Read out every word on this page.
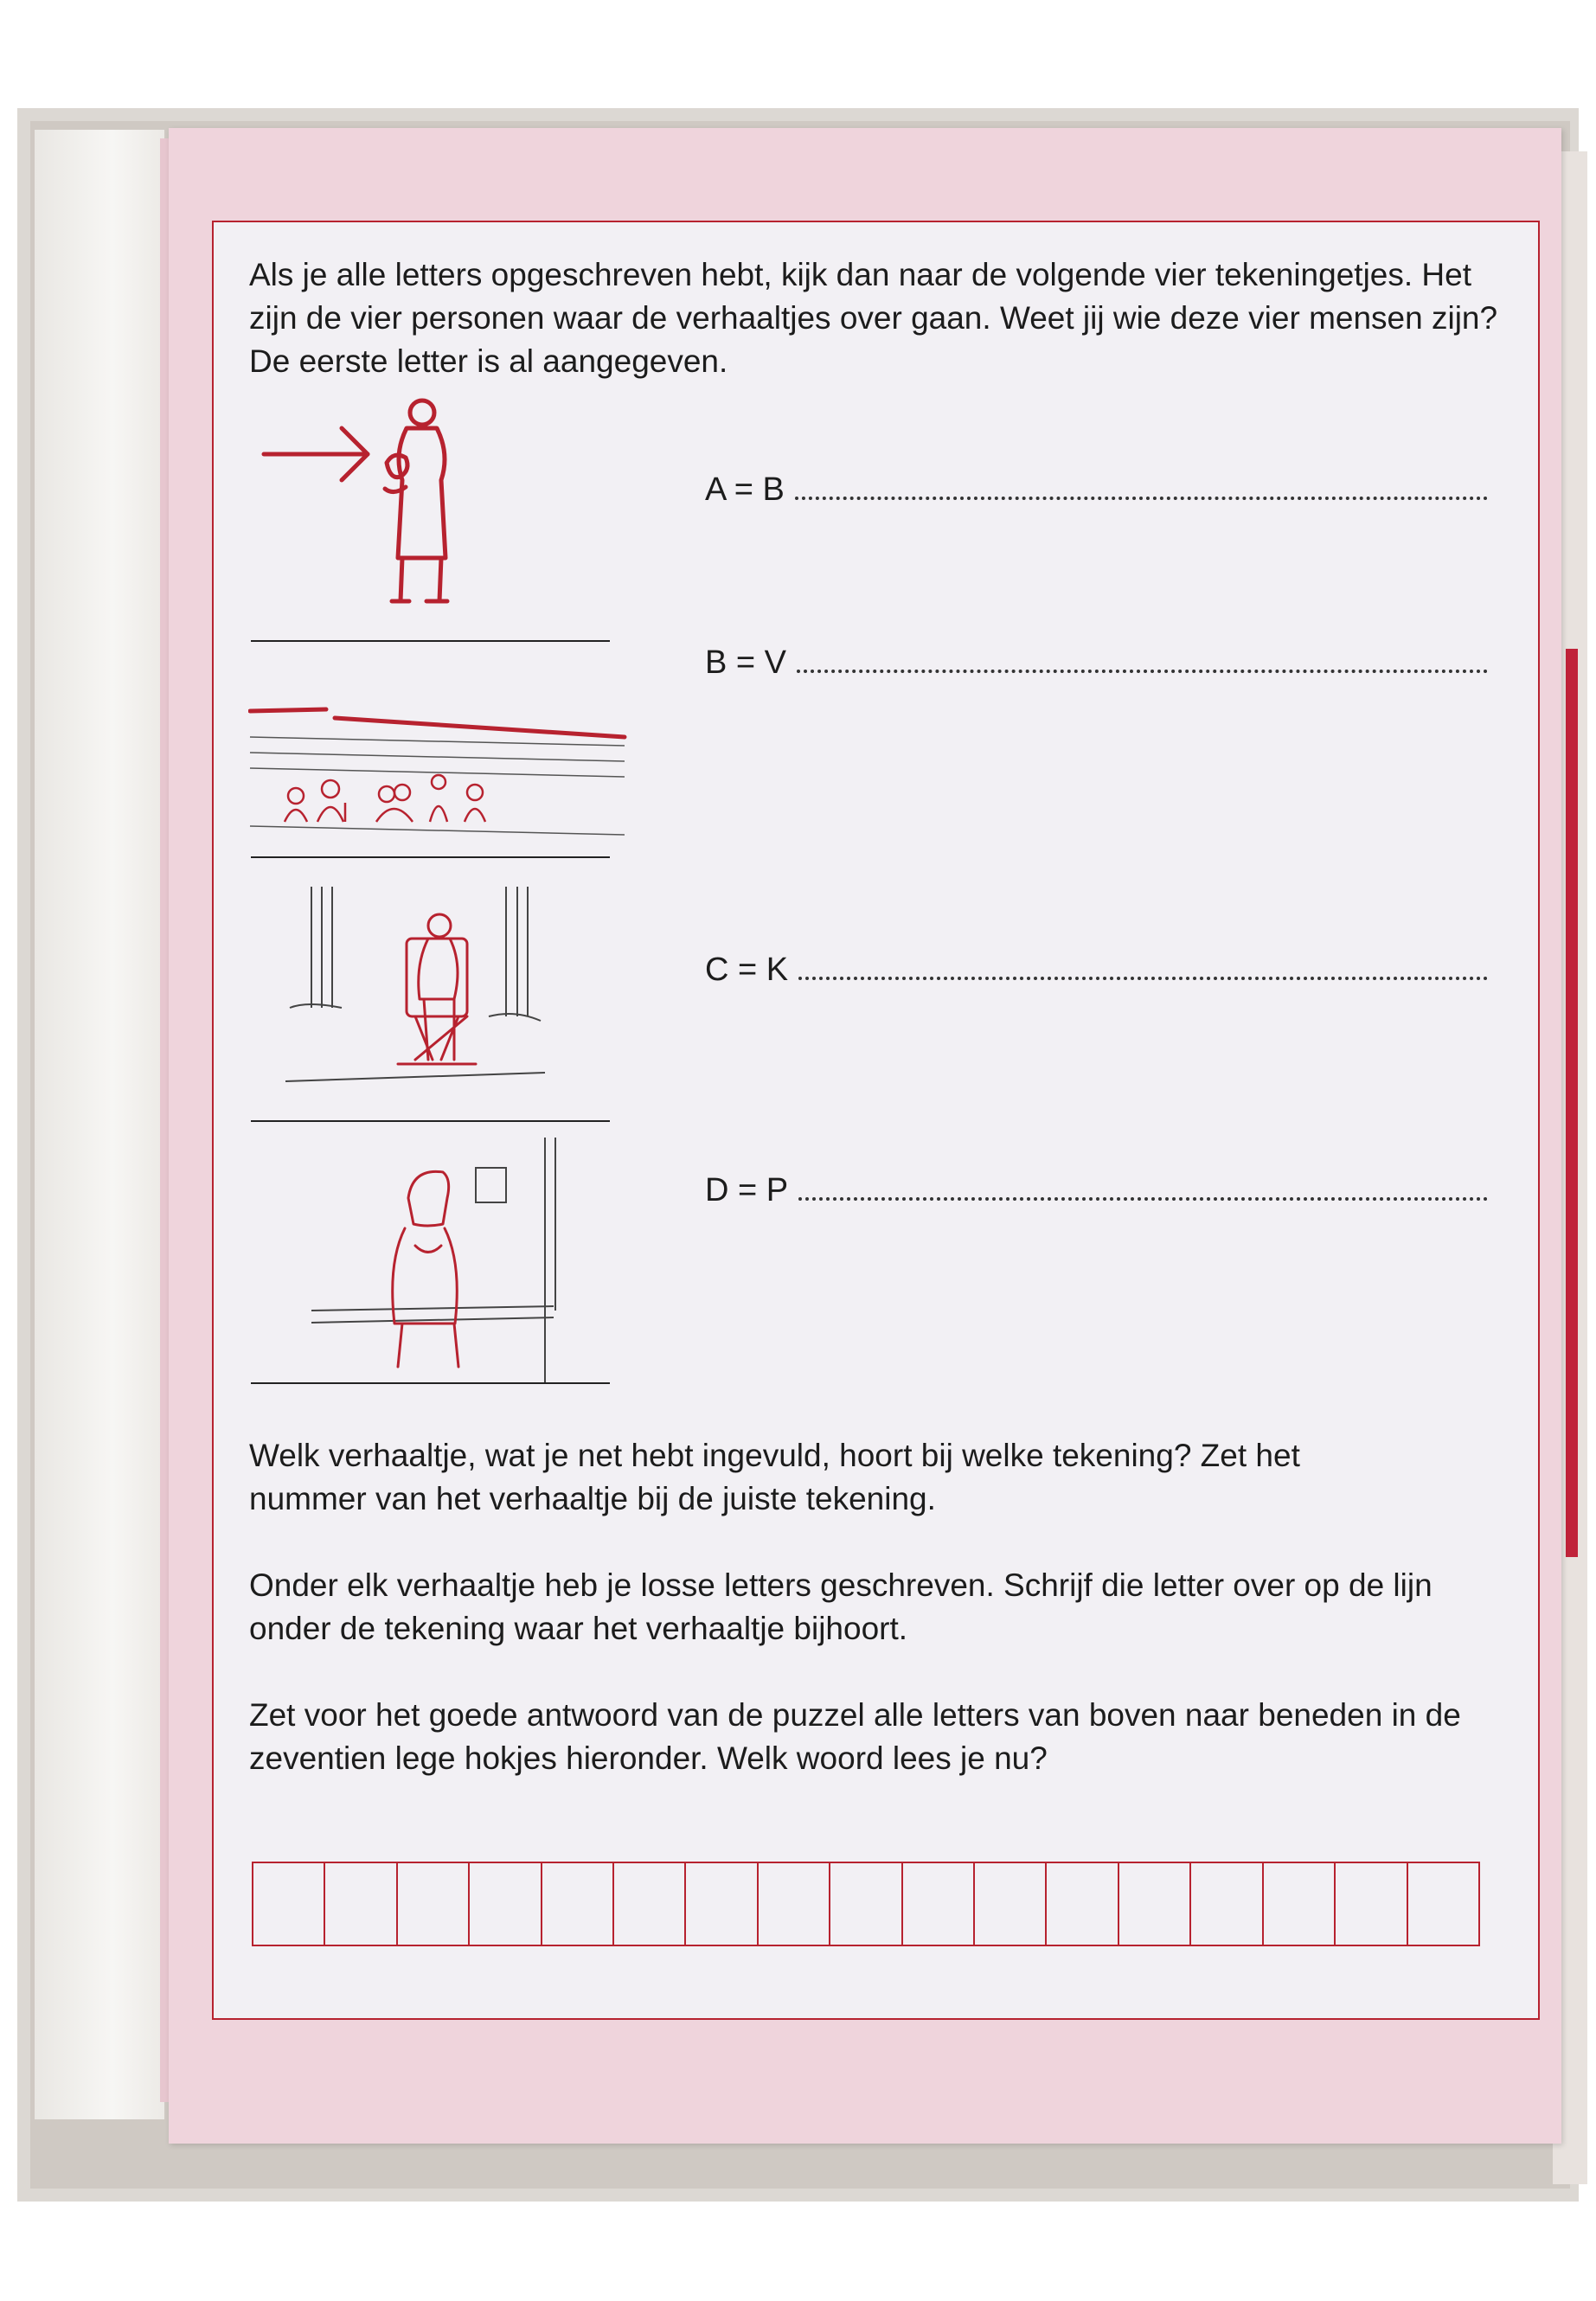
Als je alle letters opgeschreven hebt, kijk dan naar de volgende vier tekeningetjes. Het zijn de vier personen waar de verhaaltjes over gaan. Weet jij wie deze vier mensen zijn? De eerste letter is al aangegeven.

A = B
B = V
C = K
D = P

Welk verhaaltje, wat je net hebt ingevuld, hoort bij welke tekening? Zet het nummer van het verhaaltje bij de juiste tekening.

Onder elk verhaaltje heb je losse letters geschreven. Schrijf die letter over op de lijn onder de tekening waar het verhaaltje bijhoort.

Zet voor het goede antwoord van de puzzel alle letters van boven naar beneden in de zeventien lege hokjes hieronder. Welk woord lees je nu?
